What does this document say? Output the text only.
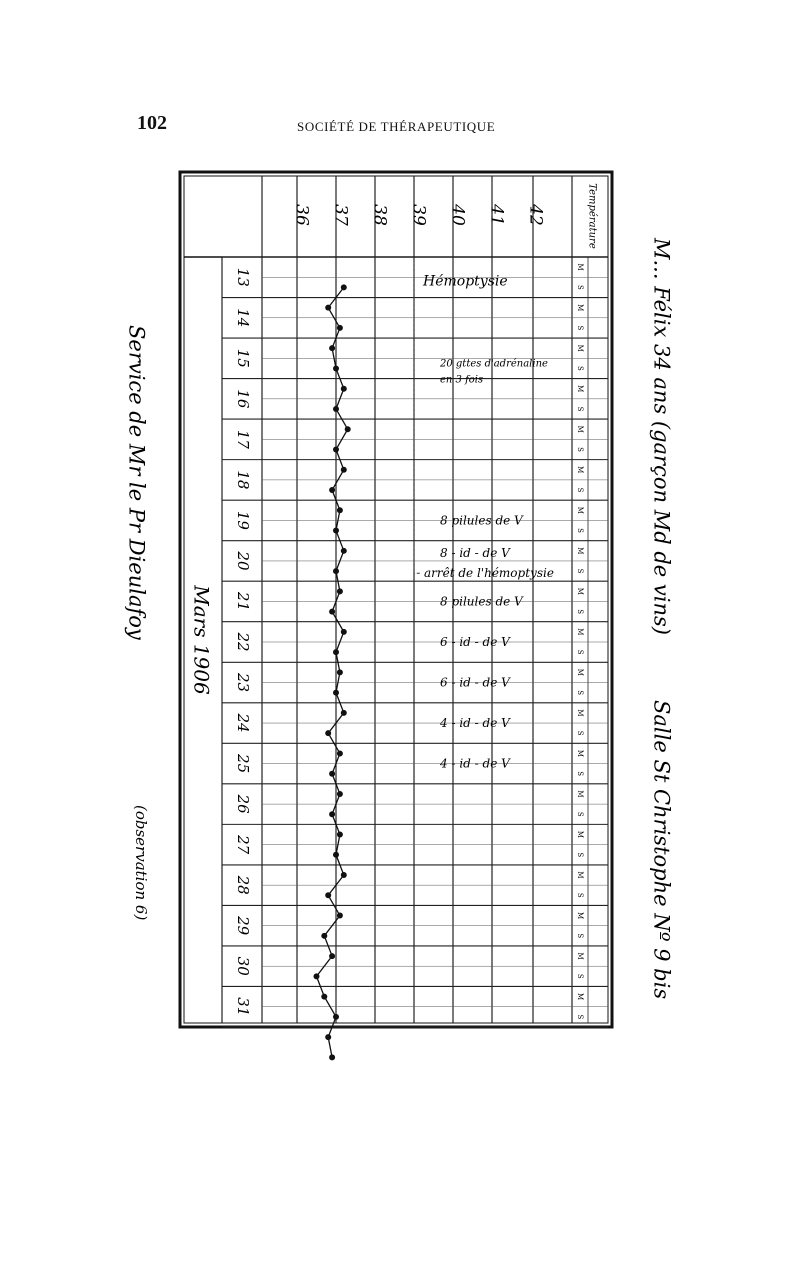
102	SOCIÉTÉ DE THÉRAPEUTIQUE
36 37 38 39 40 41 42	Température
Mars 1906
13
14
15
16
17
18
19
20
21
22
23
24
25
26
27
28
29
30
31
M
S
M
S
M
S
M
S
M
S
M
S
M
S
M
S
M
S
M
S
M
S
M
S
M
S
M
S
M
S
M
S
M
S
M
S
M
S
Hémoptysie
20 gttes d'adrénaline
en 3 fois
8 pilules de V
8 - id - de V
arrêt de l'hémoptysie
8 pilules de V
6 - id - de V
6 - id - de V
4 - id - de V
4 - id - de V
M... Félix 34 ans (garçon Md de vins)
Salle St Christophe Nº 9 bis
Service de Mr le Pr Dieulafoy
(observation 6)
